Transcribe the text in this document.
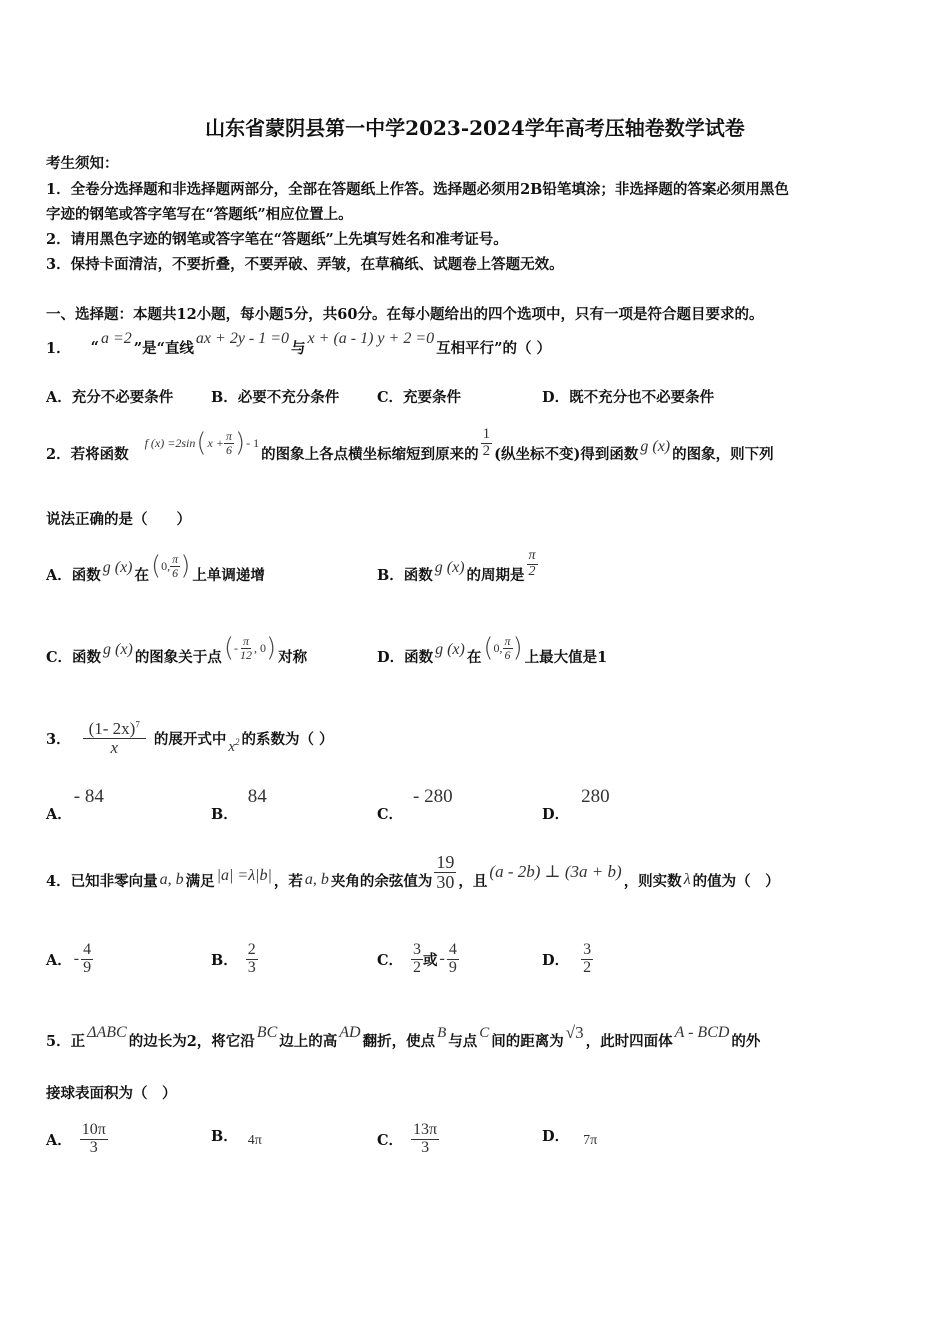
山东省蒙阴县第一中学2023-2024学年高考压轴卷数学试卷
考生须知：
1．全卷分选择题和非选择题两部分，全部在答题纸上作答。选择题必须用2B铅笔填涂；非选择题的答案必须用黑色
字迹的钢笔或答字笔写在“答题纸”相应位置上。
2．请用黑色字迹的钢笔或答字笔在“答题纸”上先填写姓名和准考证号。
3．保持卡面清洁，不要折叠，不要弄破、弄皱，在草稿纸、试题卷上答题无效。
一、选择题：本题共12小题，每小题5分，共60分。在每小题给出的四个选项中，只有一项是符合题目要求的。
1． “ a =2
”是“直线
ax + 2y - 1 =0
与
x + (a - 1) y + 2 =0
互相平行”的（ ）
A．充分不必要条件	B．必要不充分条件	C．充要条件	D．既不充分也不必要条件
2．若将函数
f (x) =2sin ( $x + \frac{\pi}{6}$ ) - 1
的图象上各点横坐标缩短到原来的 $\frac{1}{2}$ (纵坐标不变)得到函数 g (x) 的图象，则下列
说法正确的是（　　）
A．函数 g (x) 在 ( 0, $\frac{\pi}{6}$ ) 上单调递增	B．函数 g (x) 的周期是 $\frac{\pi}{2}$
C．函数 g (x) 的图象关于点 ( - $\frac{\pi}{12}$ , 0 ) 对称	D．函数 g (x) 在 ( 0, $\frac{\pi}{6}$ ) 上最大值是1
3． $\frac{(1- 2x)^7}{x}$ 的展开式中 $x^2$ 的系数为（ ）
A．
- 84
B．
84
C．
- 280
D．
280
4．已知非零向量 a, b 满足 |a| =λ|b| ，若 a, b 夹角的余弦值为 $\frac{19}{30}$ ，且 (a - 2b) ⊥ (3a + b) ，则实数 λ 的值为（　）
A． - $\frac{4}{9}$	B． $\frac{2}{3}$	C． $\frac{3}{2}$ 或 - $\frac{4}{9}$	D． $\frac{3}{2}$
5．正 ΔABC 的边长为2，将它沿 BC 边上的高 AD 翻折，使点 B 与点 C 间的距离为 √3 ，此时四面体 A - BCD 的外
接球表面积为（　）
A． $\frac{10\pi}{3}$	B． 4π	C． $\frac{13\pi}{3}$	D． 7π
